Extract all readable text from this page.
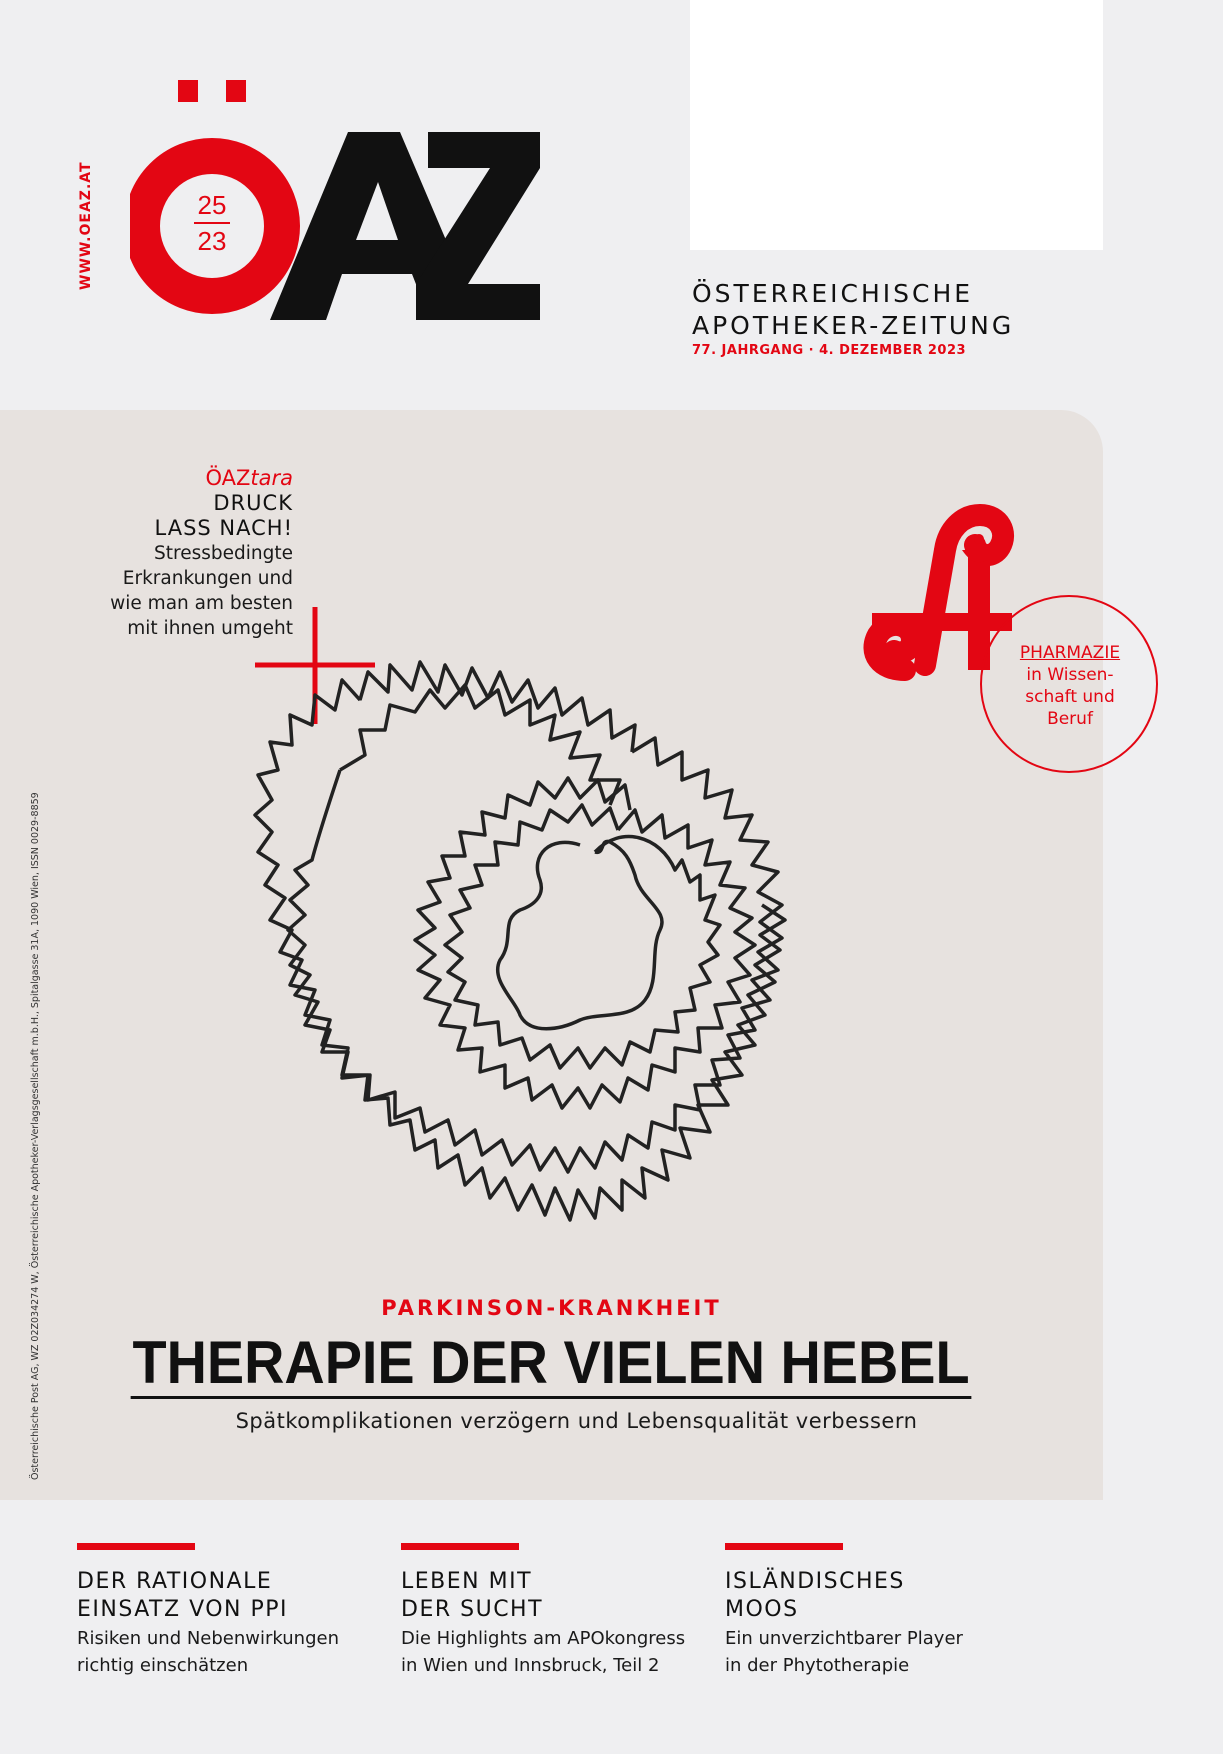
WWW.OEAZ.AT	25
23
ÖSTERREICHISCHE
APOTHEKER-ZEITUNG
77. JAHRGANG · 4. DEZEMBER 2023
ÖAZtara
DRUCK
LASS NACH!
Stressbedingte
Erkrankungen und
wie man am besten
mit ihnen umgeht
PHARMAZIE
in Wissen-
schaft und
Beruf
PARKINSON-KRANKHEIT
THERAPIE DER VIELEN HEBEL
Spätkomplikationen verzögern und Lebensqualität verbessern
Österreichische Post AG, WZ 02Z034274 W, Österreichische Apotheker-Verlagsgesellschaft m.b.H., Spitalgasse 31A, 1090 Wien, ISSN 0029-8859
DER RATIONALE
EINSATZ VON PPI
Risiken und Nebenwirkungen
richtig einschätzen
LEBEN MIT
DER SUCHT
Die Highlights am APOkongress
in Wien und Innsbruck, Teil 2
ISLÄNDISCHES
MOOS
Ein unverzichtbarer Player
in der Phytotherapie
